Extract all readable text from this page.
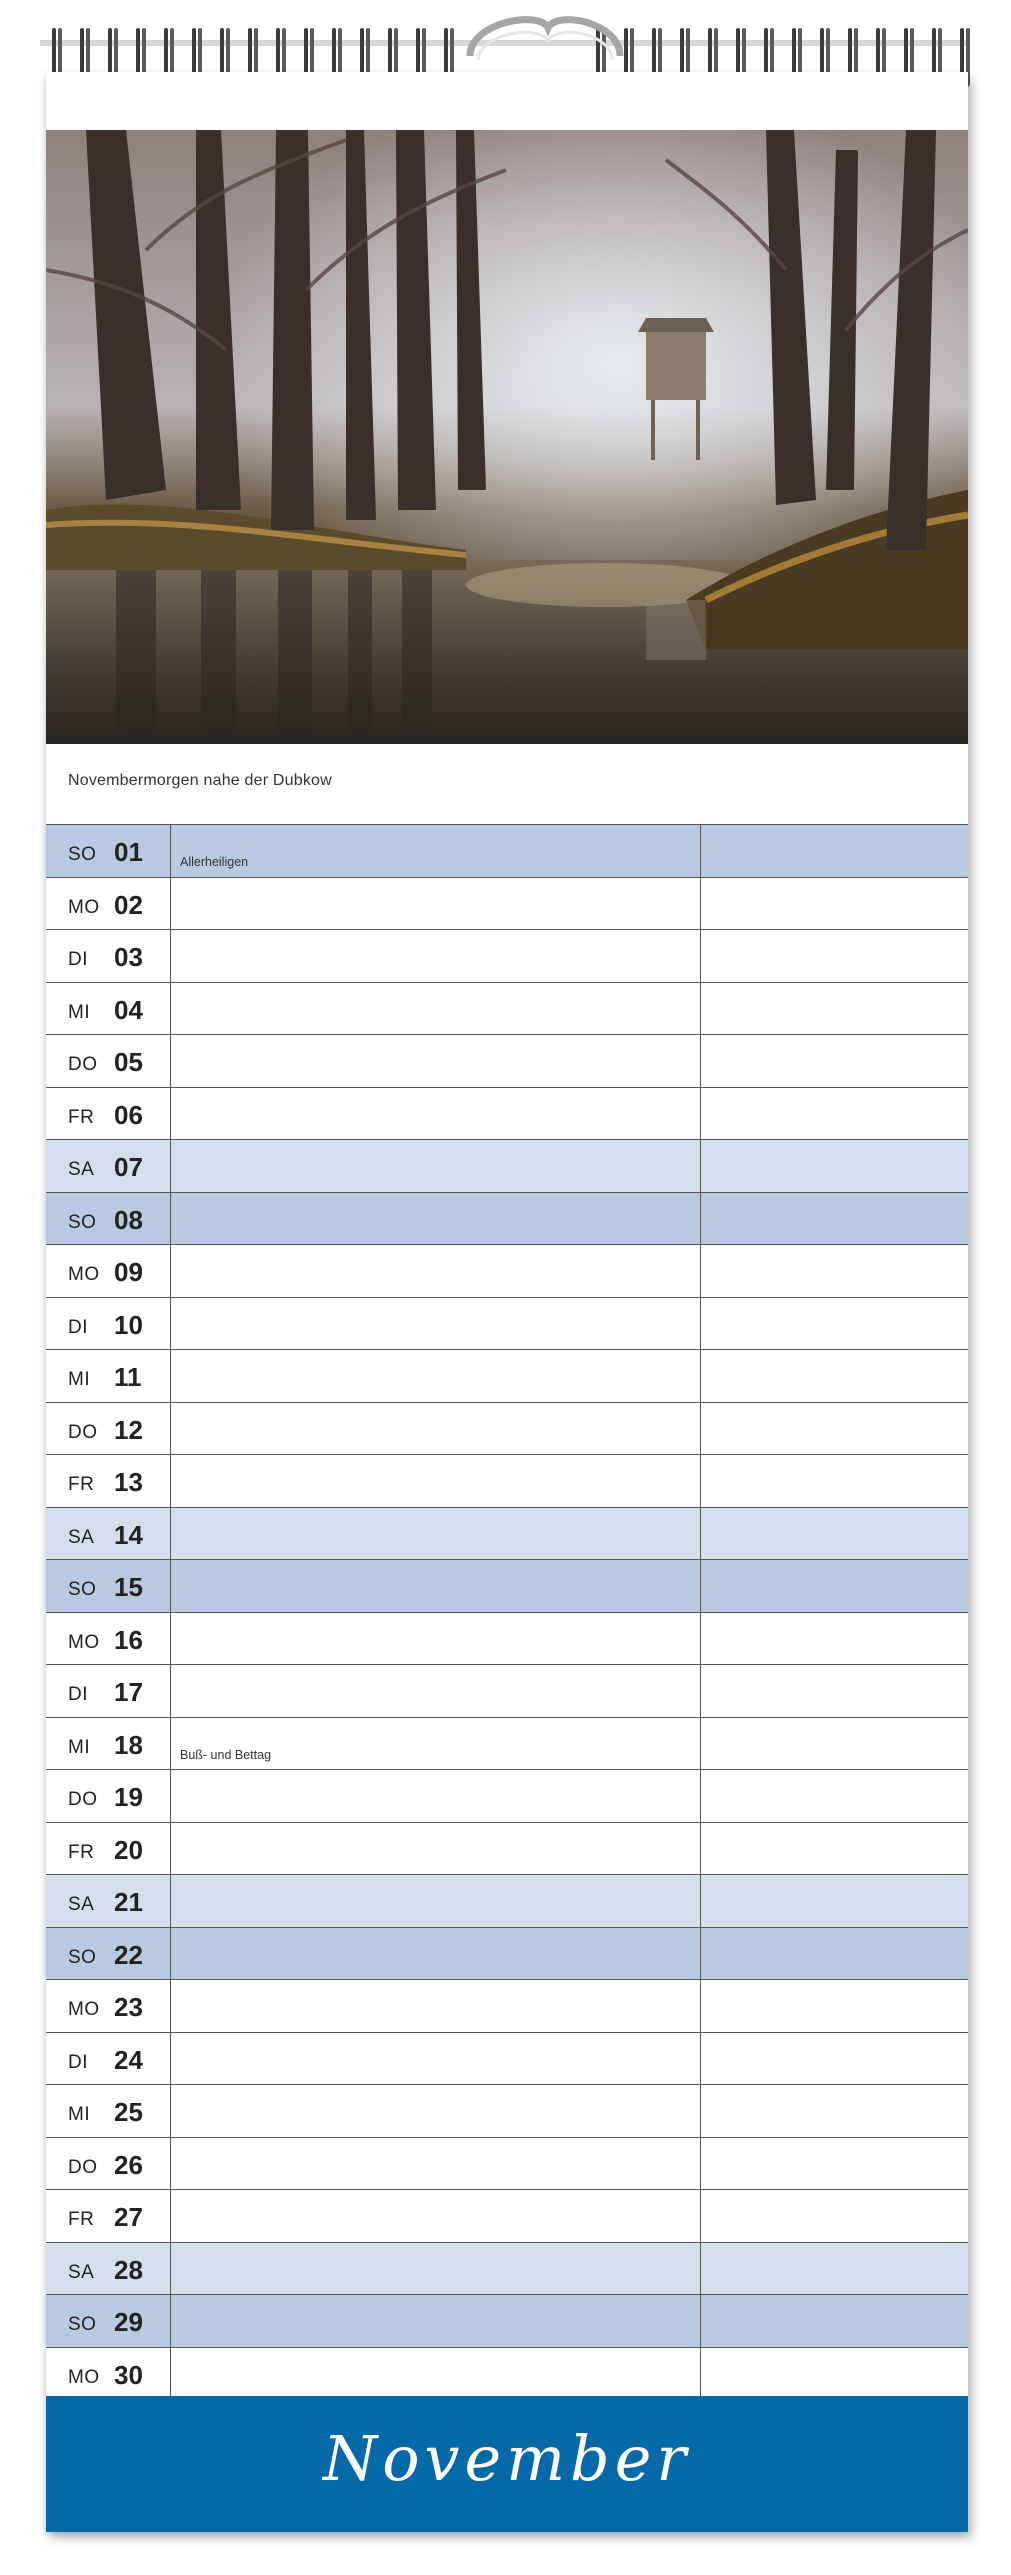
Novembermorgen nahe der Dubkow
SO 01	Allerheiligen
MO 02
DI 03
MI 04
DO 05
FR 06
SA 07
SO 08
MO 09
DI 10
MI 11
DO 12
FR 13
SA 14
SO 15
MO 16
DI 17
MI 18	Buß- und Bettag
DO 19
FR 20
SA 21
SO 22
MO 23
DI 24
MI 25
DO 26
FR 27
SA 28
SO 29
MO 30
November
